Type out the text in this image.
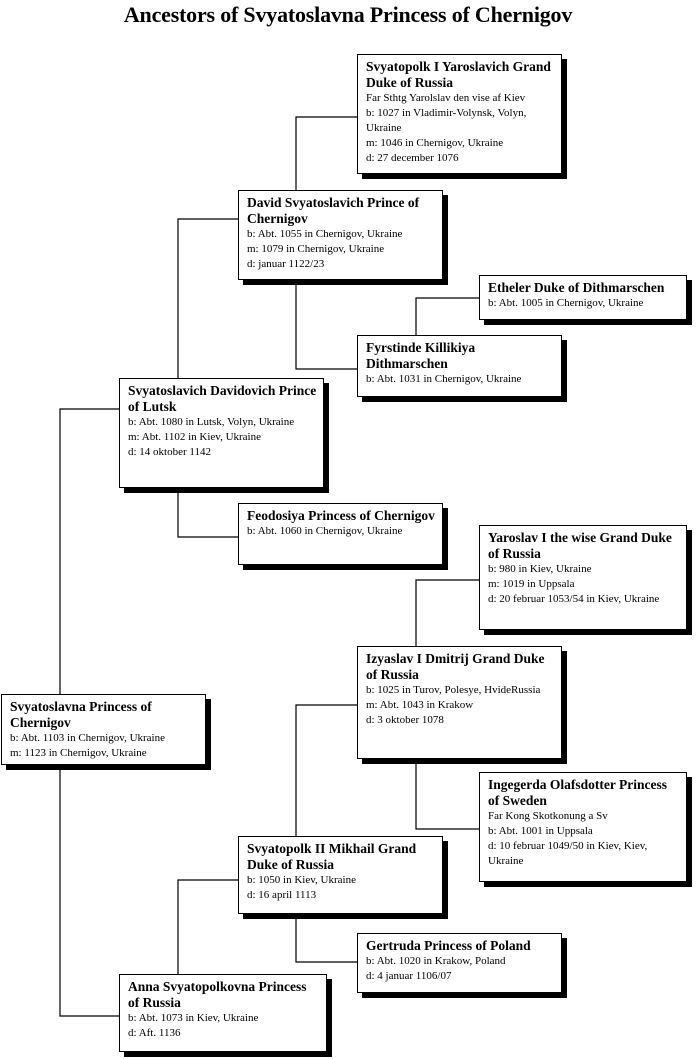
Ancestors of Svyatoslavna Princess of Chernigov
Svyatopolk I Yaroslavich Grand Duke of Russia
Far Sthtg Yarolslav den vise af Kiev
b: 1027 in Vladimir-Volynsk, Volyn, Ukraine
m: 1046 in Chernigov, Ukraine
d: 27 december 1076
David Svyatoslavich Prince of Chernigov
b: Abt. 1055 in Chernigov, Ukraine
m: 1079 in Chernigov, Ukraine
d: januar 1122/23
Etheler Duke of Dithmarschen
b: Abt. 1005 in Chernigov, Ukraine
Fyrstinde Killikiya Dithmarschen
b: Abt. 1031 in Chernigov, Ukraine
Svyatoslavich Davidovich Prince of Lutsk
b: Abt. 1080 in Lutsk, Volyn, Ukraine
m: Abt. 1102 in Kiev, Ukraine
d: 14 oktober 1142
Feodosiya Princess of Chernigov
b: Abt. 1060 in Chernigov, Ukraine	Yaroslav I the wise Grand Duke of Russia
b: 980 in Kiev, Ukraine
m: 1019 in Uppsala
d: 20 februar 1053/54 in Kiev, Ukraine
Izyaslav I Dmitrij Grand Duke of Russia
b: 1025 in Turov, Polesye, HvideRussia
m: Abt. 1043 in Krakow
d: 3 oktober 1078
Svyatoslavna Princess of Chernigov
b: Abt. 1103 in Chernigov, Ukraine
m: 1123 in Chernigov, Ukraine
Ingegerda Olafsdotter Princess of Sweden
Far Kong Skotkonung a Sv
b: Abt. 1001 in Uppsala
d: 10 februar 1049/50 in Kiev, Kiev, Ukraine
Svyatopolk II Mikhail Grand Duke of Russia
b: 1050 in Kiev, Ukraine
d: 16 april 1113
Gertruda Princess of Poland
b: Abt. 1020 in Krakow, Poland
d: 4 januar 1106/07
Anna Svyatopolkovna Princess of Russia
b: Abt. 1073 in Kiev, Ukraine
d: Aft. 1136
